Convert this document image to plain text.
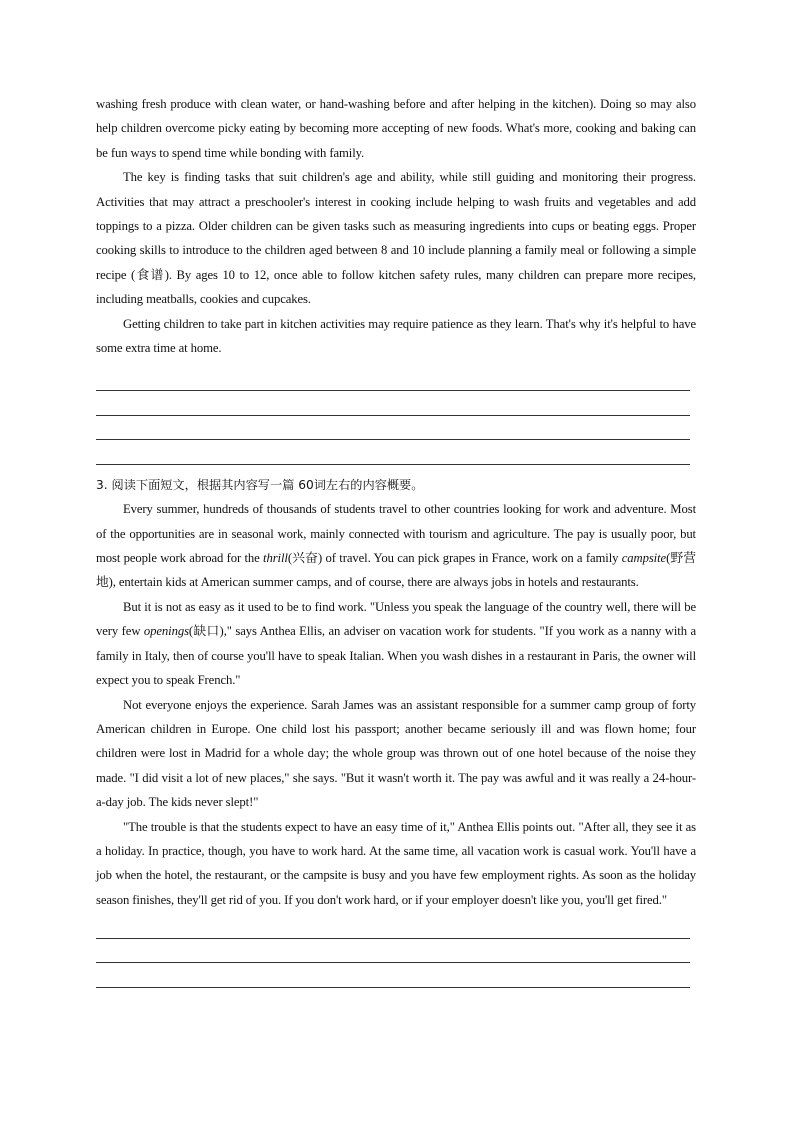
washing fresh produce with clean water, or hand-washing before and after helping in the kitchen). Doing so may also help children overcome picky eating by becoming more accepting of new foods. What's more, cooking and baking can be fun ways to spend time while bonding with family.

The key is finding tasks that suit children's age and ability, while still guiding and monitoring their progress. Activities that may attract a preschooler's interest in cooking include helping to wash fruits and vegetables and add toppings to a pizza. Older children can be given tasks such as measuring ingredients into cups or beating eggs. Proper cooking skills to introduce to the children aged between 8 and 10 include planning a family meal or following a simple recipe (食谱). By ages 10 to 12, once able to follow kitchen safety rules, many children can prepare more recipes, including meatballs, cookies and cupcakes.

Getting children to take part in kitchen activities may require patience as they learn. That's why it's helpful to have some extra time at home.

3. 阅读下面短文，根据其内容写一篇 60词左右的内容概要。

Every summer, hundreds of thousands of students travel to other countries looking for work and adventure. Most of the opportunities are in seasonal work, mainly connected with tourism and agriculture. The pay is usually poor, but most people work abroad for the thrill(兴奋) of travel. You can pick grapes in France, work on a family campsite(野营地), entertain kids at American summer camps, and of course, there are always jobs in hotels and restaurants.

But it is not as easy as it used to be to find work. "Unless you speak the language of the country well, there will be very few openings(缺口)," says Anthea Ellis, an adviser on vacation work for students. "If you work as a nanny with a family in Italy, then of course you'll have to speak Italian. When you wash dishes in a restaurant in Paris, the owner will expect you to speak French."

Not everyone enjoys the experience. Sarah James was an assistant responsible for a summer camp group of forty American children in Europe. One child lost his passport; another became seriously ill and was flown home; four children were lost in Madrid for a whole day; the whole group was thrown out of one hotel because of the noise they made. "I did visit a lot of new places," she says. "But it wasn't worth it. The pay was awful and it was really a 24-hour-a-day job. The kids never slept!"

"The trouble is that the students expect to have an easy time of it," Anthea Ellis points out. "After all, they see it as a holiday. In practice, though, you have to work hard. At the same time, all vacation work is casual work. You'll have a job when the hotel, the restaurant, or the campsite is busy and you have few employment rights. As soon as the holiday season finishes, they'll get rid of you. If you don't work hard, or if your employer doesn't like you, you'll get fired."
